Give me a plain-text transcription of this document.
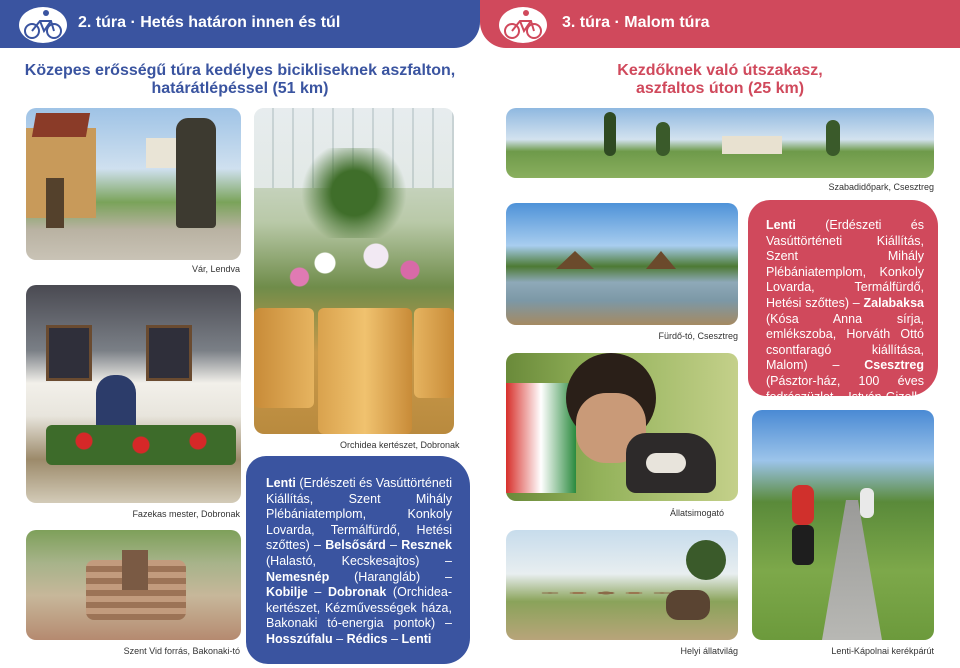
2. túra · Hetés határon innen és túl	3. túra · Malom túra
Közepes erősségű túra kedélyes bicikliseknek aszfalton,
határátlépéssel (51 km)
Kezdőknek való útszakasz,
aszfaltos úton (25 km)
Vár, Lendva
Orchidea kertészet, Dobronak
Fazekas mester, Dobronak
Szent Vid forrás, Bakonaki-tó
Lenti (Erdészeti és Vasúttörténeti Kiállítás, Szent Mihály Plébániatemplom, Konkoly Lovarda, Termálfürdő, Hetési szőttes) – Belsősárd – Resznek (Halastó, Kecskesajtos) – Nemesnép (Harangláb) – Kobilje – Dobronak (Orchidea-kertészet, Kézművességek háza, Bakonaki tó-energia pontok) – Hosszúfalu – Rédics – Lenti
Szabadidőpark, Csesztreg
Fürdő-tó, Csesztreg
Lenti (Erdészeti és Vasúttörténeti Kiállítás, Szent Mihály Plébániatemplom, Konkoly Lovarda, Termálfürdő, Hetési szőttes) – Zalabaksa (Kósa Anna sírja, emlékszoba, Horváth Ottó csontfaragó kiállítása, Malom) – Csesztreg (Pásztor-ház, 100 éves fodrászüzlet, István-Gizella
Állatsimogató
Helyi állatvilág	Lenti-Kápolnai kerékpárút
